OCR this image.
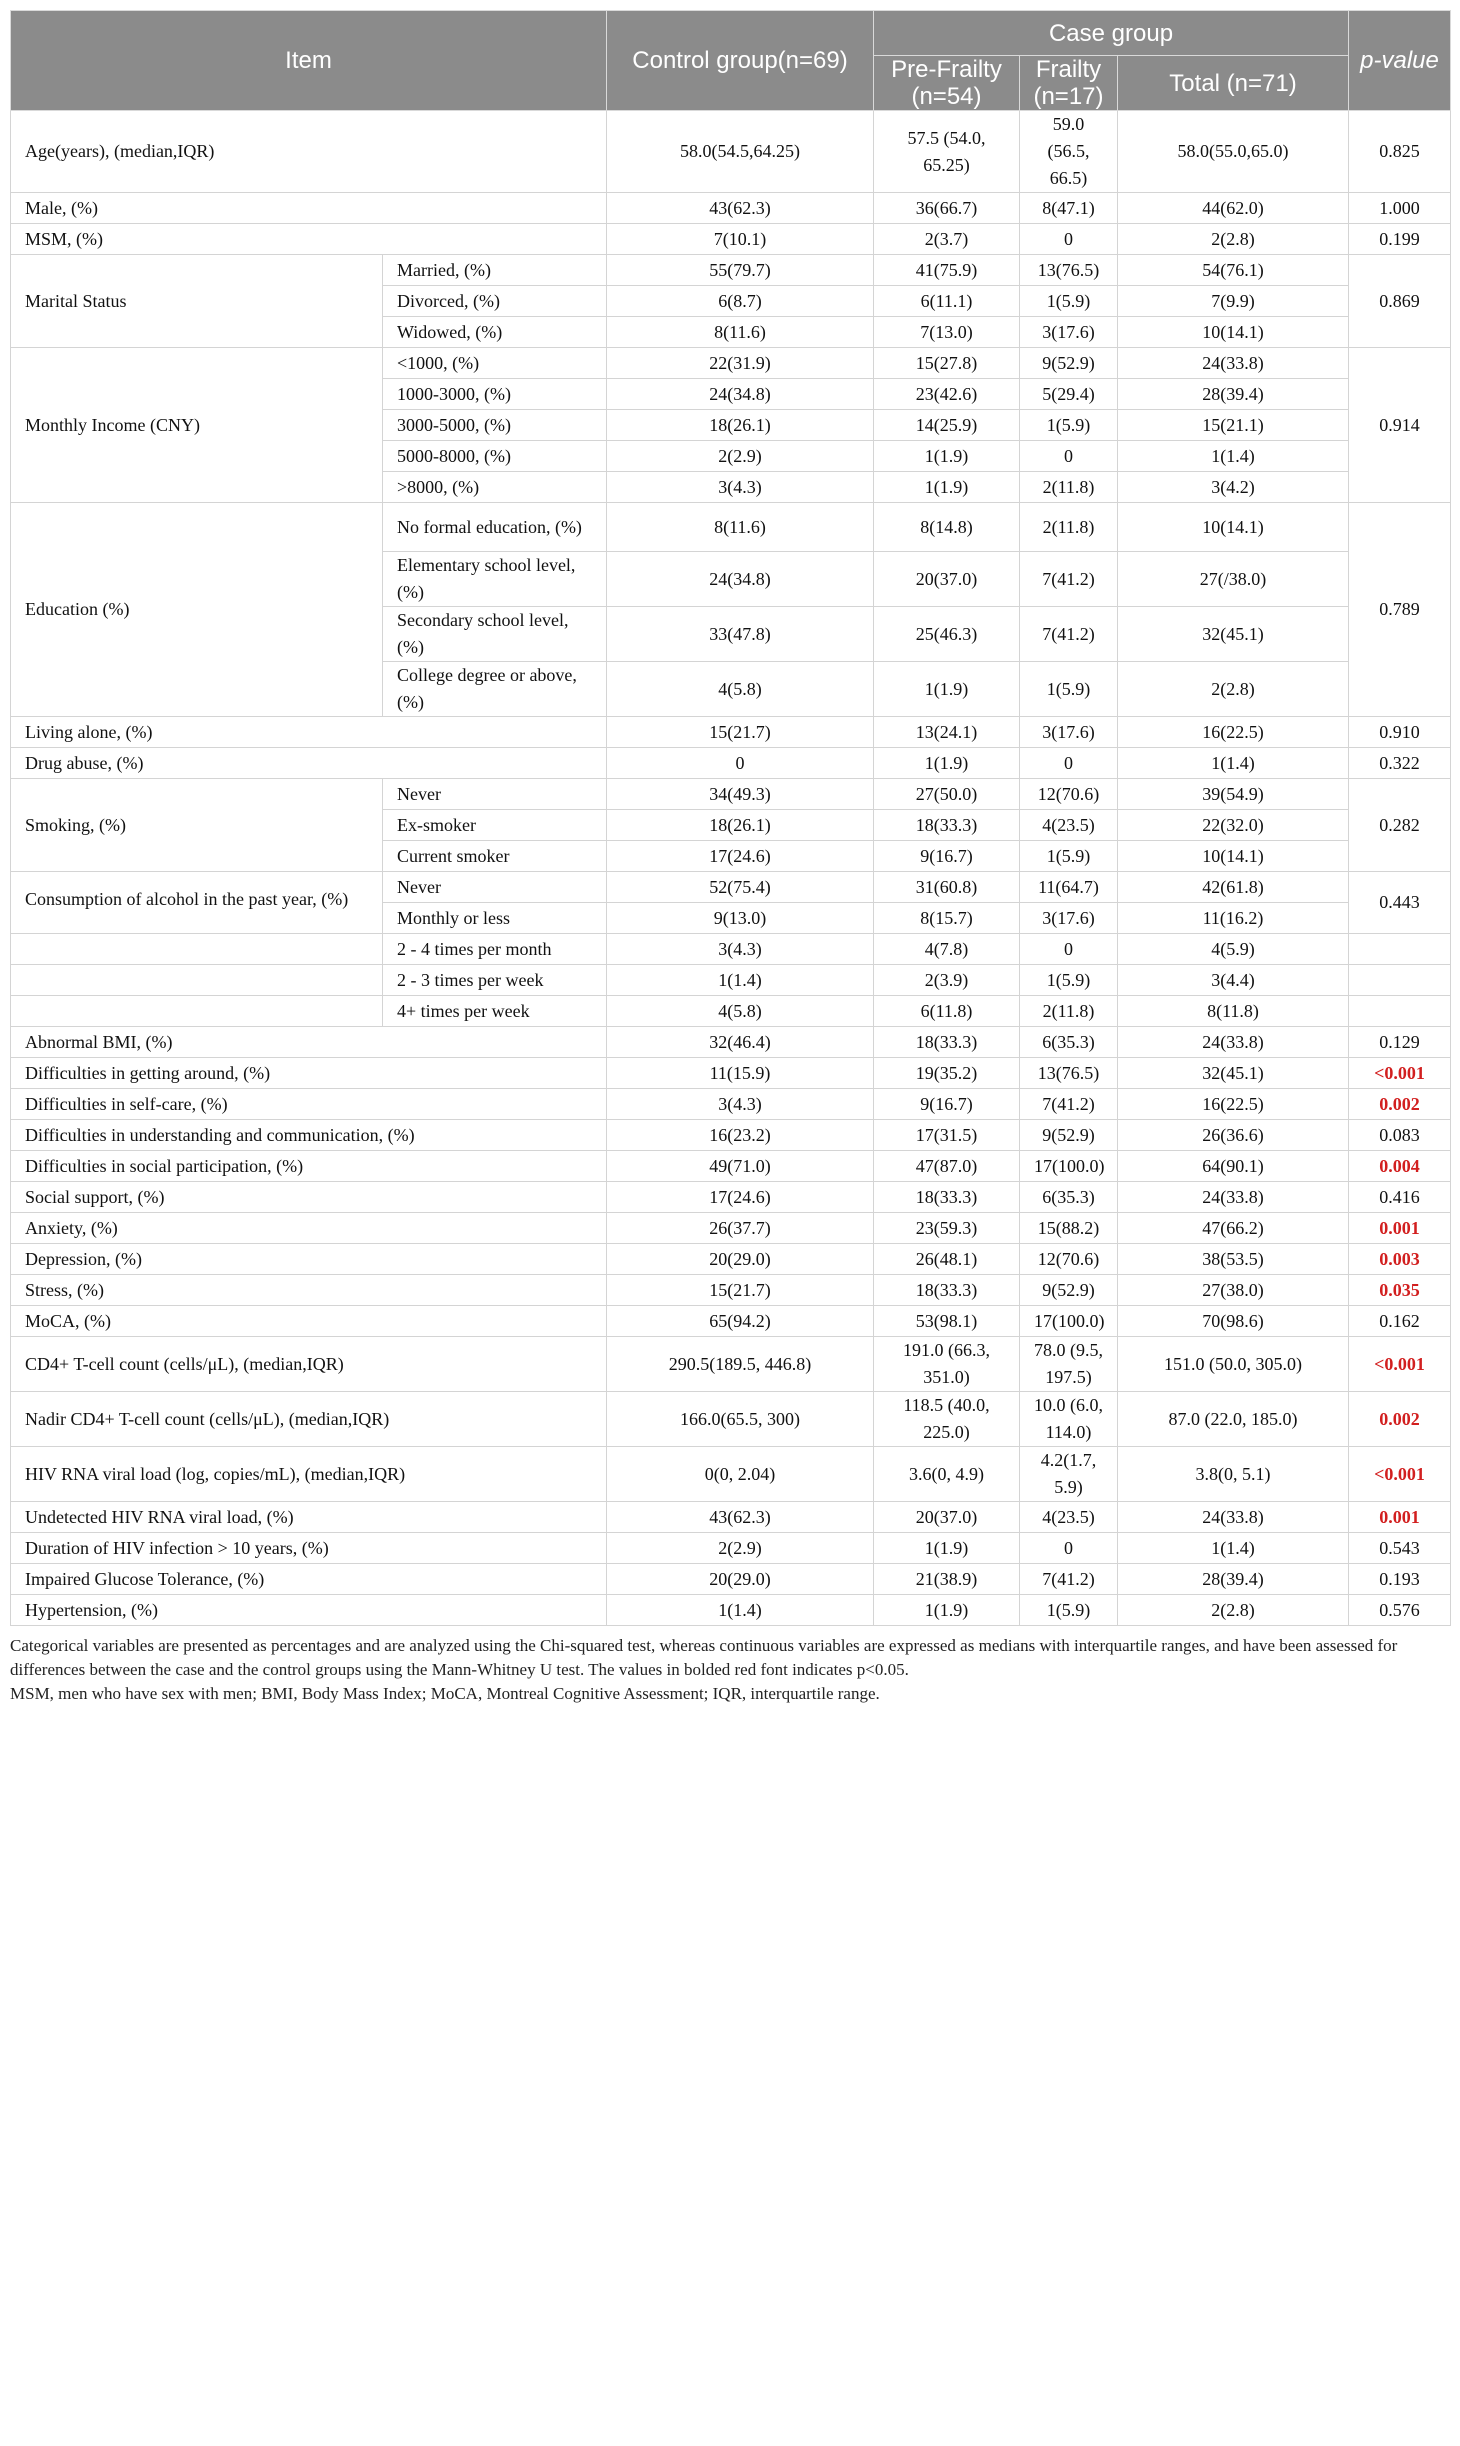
Item		Control group(n=69)	Case group			p-value
			Pre-Frailty (n=54)	Frailty (n=17)	Total (n=71)	
Age(years), (median,IQR)		58.0(54.5,64.25)	57.5 (54.0, 65.25)	59.0 (56.5, 66.5)	58.0(55.0,65.0)	0.825
Male, (%)		43(62.3)	36(66.7)	8(47.1)	44(62.0)	1.000
MSM, (%)		7(10.1)	2(3.7)	0	2(2.8)	0.199
Marital Status	Married, (%)	55(79.7)	41(75.9)	13(76.5)	54(76.1)	0.869
	Divorced, (%)	6(8.7)	6(11.1)	1(5.9)	7(9.9)	
	Widowed, (%)	8(11.6)	7(13.0)	3(17.6)	10(14.1)	
Monthly Income (CNY)	<1000, (%)	22(31.9)	15(27.8)	9(52.9)	24(33.8)	0.914
	1000-3000, (%)	24(34.8)	23(42.6)	5(29.4)	28(39.4)	
	3000-5000, (%)	18(26.1)	14(25.9)	1(5.9)	15(21.1)	
	5000-8000, (%)	2(2.9)	1(1.9)	0	1(1.4)	
	>8000, (%)	3(4.3)	1(1.9)	2(11.8)	3(4.2)	
Education (%)	No formal education, (%)	8(11.6)	8(14.8)	2(11.8)	10(14.1)	0.789
	Elementary school level, (%)	24(34.8)	20(37.0)	7(41.2)	27(/38.0)	
	Secondary school level, (%)	33(47.8)	25(46.3)	7(41.2)	32(45.1)	
	College degree or above, (%)	4(5.8)	1(1.9)	1(5.9)	2(2.8)	
Living alone, (%)		15(21.7)	13(24.1)	3(17.6)	16(22.5)	0.910
Drug abuse, (%)		0	1(1.9)	0	1(1.4)	0.322
Smoking, (%)	Never	34(49.3)	27(50.0)	12(70.6)	39(54.9)	0.282
	Ex-smoker	18(26.1)	18(33.3)	4(23.5)	22(32.0)	
	Current smoker	17(24.6)	9(16.7)	1(5.9)	10(14.1)	
Consumption of alcohol in the past year, (%)	Never	52(75.4)	31(60.8)	11(64.7)	42(61.8)	0.443
	Monthly or less	9(13.0)	8(15.7)	3(17.6)	11(16.2)	
	2 - 4 times per month	3(4.3)	4(7.8)	0	4(5.9)	
	2 - 3 times per week	1(1.4)	2(3.9)	1(5.9)	3(4.4)	
	4+ times per week	4(5.8)	6(11.8)	2(11.8)	8(11.8)	
Abnormal BMI, (%)		32(46.4)	18(33.3)	6(35.3)	24(33.8)	0.129
Difficulties in getting around, (%)		11(15.9)	19(35.2)	13(76.5)	32(45.1)	<0.001
Difficulties in self-care, (%)		3(4.3)	9(16.7)	7(41.2)	16(22.5)	0.002
Difficulties in understanding and communication, (%)		16(23.2)	17(31.5)	9(52.9)	26(36.6)	0.083
Difficulties in social participation, (%)		49(71.0)	47(87.0)	17(100.0)	64(90.1)	0.004
Social support, (%)		17(24.6)	18(33.3)	6(35.3)	24(33.8)	0.416
Anxiety, (%)		26(37.7)	23(59.3)	15(88.2)	47(66.2)	0.001
Depression, (%)		20(29.0)	26(48.1)	12(70.6)	38(53.5)	0.003
Stress, (%)		15(21.7)	18(33.3)	9(52.9)	27(38.0)	0.035
MoCA, (%)		65(94.2)	53(98.1)	17(100.0)	70(98.6)	0.162
CD4+ T-cell count (cells/μL), (median,IQR)		290.5(189.5, 446.8)	191.0 (66.3, 351.0)	78.0 (9.5, 197.5)	151.0 (50.0, 305.0)	<0.001
Nadir CD4+ T-cell count (cells/μL), (median,IQR)		166.0(65.5, 300)	118.5 (40.0, 225.0)	10.0 (6.0, 114.0)	87.0 (22.0, 185.0)	0.002
HIV RNA viral load (log, copies/mL), (median,IQR)		0(0, 2.04)	3.6(0, 4.9)	4.2(1.7, 5.9)	3.8(0, 5.1)	<0.001
Undetected HIV RNA viral load, (%)		43(62.3)	20(37.0)	4(23.5)	24(33.8)	0.001
Duration of HIV infection > 10 years, (%)		2(2.9)	1(1.9)	0	1(1.4)	0.543
Impaired Glucose Tolerance, (%)		20(29.0)	21(38.9)	7(41.2)	28(39.4)	0.193
Hypertension, (%)		1(1.4)	1(1.9)	1(5.9)	2(2.8)	0.576
Categorical variables are presented as percentages and are analyzed using the Chi-squared test, whereas continuous variables are expressed as medians with interquartile ranges, and have been assessed for differences between the case and the control groups using the Mann-Whitney U test. The values in bolded red font indicates p<0.05.
MSM, men who have sex with men; BMI, Body Mass Index; MoCA, Montreal Cognitive Assessment; IQR, interquartile range.
